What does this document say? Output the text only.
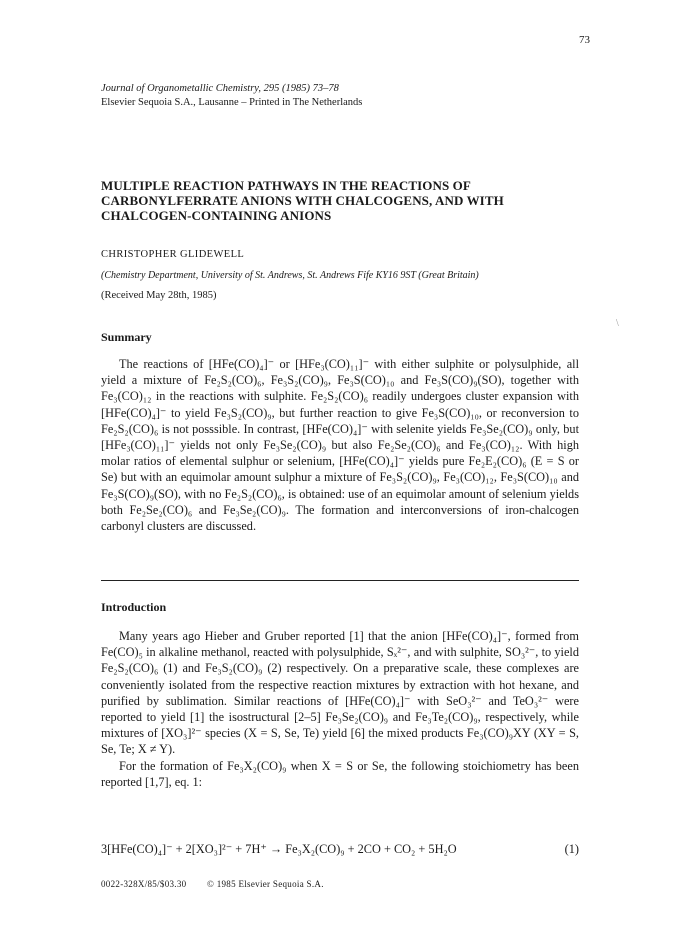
73
Journal of Organometallic Chemistry, 295 (1985) 73–78
Elsevier Sequoia S.A., Lausanne – Printed in The Netherlands
MULTIPLE REACTION PATHWAYS IN THE REACTIONS OF CARBONYLFERRATE ANIONS WITH CHALCOGENS, AND WITH CHALCOGEN-CONTAINING ANIONS
CHRISTOPHER GLIDEWELL
(Chemistry Department, University of St. Andrews, St. Andrews Fife KY16 9ST (Great Britain)
(Received May 28th, 1985)
\
Summary

The reactions of [HFe(CO)₄]⁻ or [HFe₃(CO)₁₁]⁻ with either sulphite or polysulphide, all yield a mixture of Fe₂S₂(CO)₆, Fe₃S₂(CO)₉, Fe₃S(CO)₁₀ and Fe₃S(CO)₉(SO), together with Fe₃(CO)₁₂ in the reactions with sulphite. Fe₂S₂(CO)₆ readily undergoes cluster expansion with [HFe(CO)₄]⁻ to yield Fe₃S₂(CO)₉, but further reaction to give Fe₃S(CO)₁₀, or reconversion to Fe₂S₂(CO)₆ is not posssible. In contrast, [HFe(CO)₄]⁻ with selenite yields Fe₃Se₂(CO)₉ only, but [HFe₃(CO)₁₁]⁻ yields not only Fe₃Se₂(CO)₉ but also Fe₂Se₂(CO)₆ and Fe₃(CO)₁₂. With high molar ratios of elemental sulphur or selenium, [HFe(CO)₄]⁻ yields pure Fe₂E₂(CO)₆ (E = S or Se) but with an equimolar amount sulphur a mixture of Fe₃S₂(CO)₉, Fe₃(CO)₁₂, Fe₃S(CO)₁₀ and Fe₃S(CO)₉(SO), with no Fe₂S₂(CO)₆, is obtained: use of an equimolar amount of selenium yields both Fe₂Se₂(CO)₆ and Fe₃Se₂(CO)₉. The formation and interconversions of iron-chalcogen carbonyl clusters are discussed.

Introduction

Many years ago Hieber and Gruber reported [1] that the anion [HFe(CO)₄]⁻, formed from Fe(CO)₅ in alkaline methanol, reacted with polysulphide, Sₓ²⁻, and with sulphite, SO₃²⁻, to yield Fe₂S₂(CO)₆ (1) and Fe₃S₂(CO)₉ (2) respectively. On a preparative scale, these complexes are conveniently isolated from the respective reaction mixtures by extraction with hot hexane, and purified by sublimation. Similar reactions of [HFe(CO)₄]⁻ with SeO₃²⁻ and TeO₃²⁻ were reported to yield [1] the isostructural [2–5] Fe₃Se₂(CO)₉ and Fe₃Te₂(CO)₉, respectively, while mixtures of [XO₃]²⁻ species (X = S, Se, Te) yield [6] the mixed products Fe₃(CO)₉XY (XY = S, Se, Te; X ≠ Y).

For the formation of Fe₃X₂(CO)₉ when X = S or Se, the following stoichiometry has been reported [1,7], eq. 1:

3[HFe(CO)₄]⁻ + 2[XO₃]²⁻ + 7H⁺ → Fe₃X₂(CO)₉ + 2CO + CO₂ + 5H₂O	(1)
0022-328X/85/$03.30 © 1985 Elsevier Sequoia S.A.
